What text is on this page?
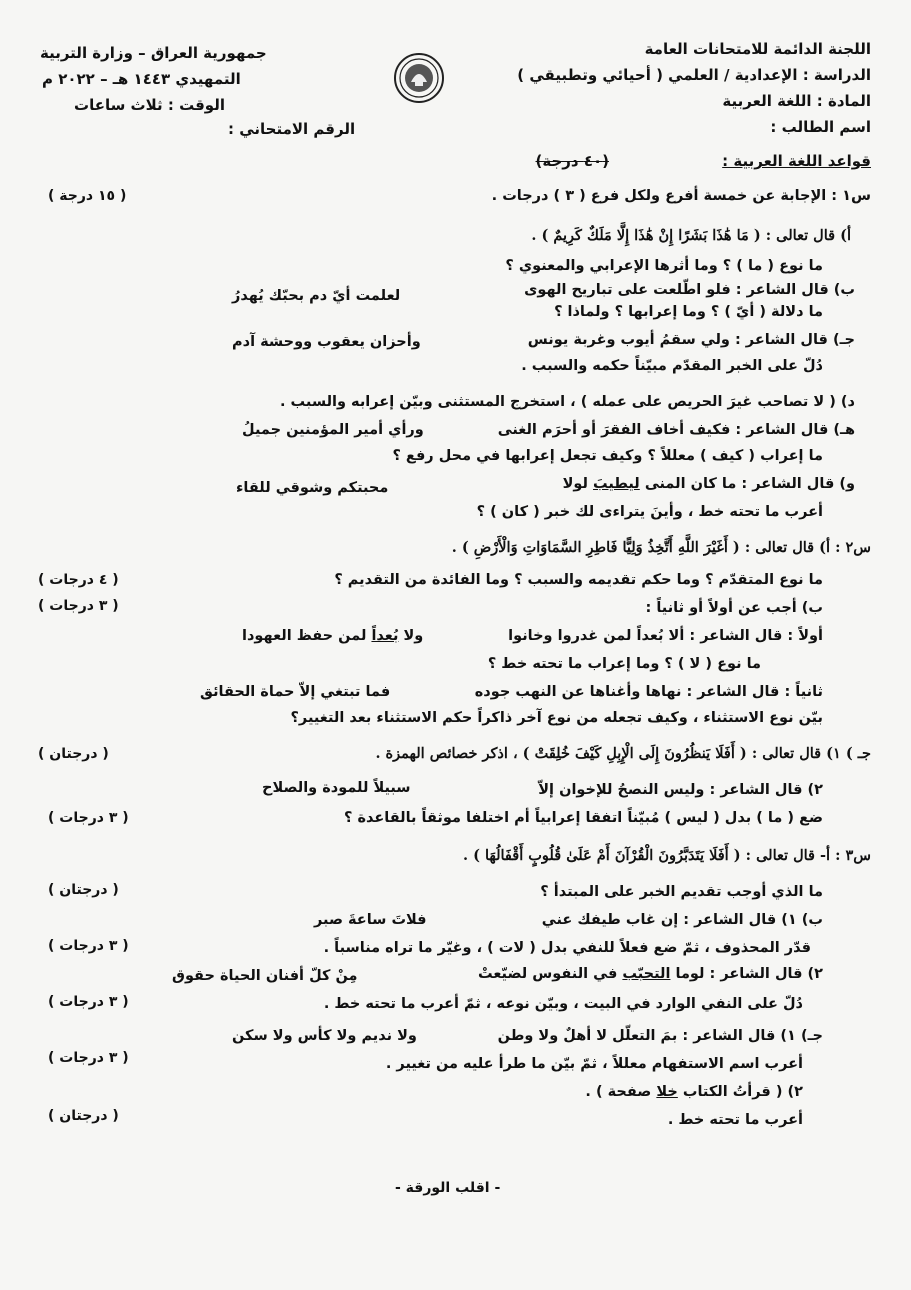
اللجنة الدائمة للامتحانات العامة
الدراسة : الإعدادية / العلمي ( أحيائي وتطبيقي )
المادة : اللغة العربية
اسم الطالب :
جمهورية العراق – وزارة التربية
التمهيدي ١٤٤٣ هـ – ٢٠٢٢ م
الوقت : ثلاث ساعات
الرقم الامتحاني :
قواعد اللغة العربية :
(٤٠ درجة)
س١ : الإجابة عن خمسة أفرع ولكل فرع ( ٣ ) درجات .
( ١٥ درجة )
أ) قال تعالى : ( مَا هَٰذَا بَشَرًا إِنْ هَٰذَا إِلَّا مَلَكٌ كَرِيمٌ ) .
ما نوع ( ما ) ؟ وما أثرها الإعرابي والمعنوي ؟
ب) قال الشاعر : فلو اطّلعت على تباريح الهوى
لعلمت أيّ دم بحبّك يُهدرُ
ما دلالة ( أيّ ) ؟ وما إعرابها ؟ ولماذا ؟
جـ) قال الشاعر : ولي سقمُ أيوب وغربة يونس
وأحزان يعقوب ووحشة آدم
دُلّ على الخبر المقدّم مبيّناً حكمه والسبب .
د) ( لا تصاحب غيرَ الحريص على عمله ) ، استخرج المستثنى وبيّن إعرابه والسبب .
هـ) قال الشاعر : فكيف أخاف الفقرَ أو أحرَم الغنى
ورأي أمير المؤمنين جميلُ
ما إعراب ( كيف ) معللاً ؟ وكيف تجعل إعرابها في محل رفع ؟
و) قال الشاعر : ما كان المنى ليطيبَ لولا
محبتكم وشوقي للقاء
أعرب ما تحته خط ، وأينَ يتراءى لك خبر ( كان ) ؟
س٢ : أ) قال تعالى : ( أَغَيْرَ اللَّهِ أَتَّخِذُ وَلِيًّا فَاطِرِ السَّمَاوَاتِ وَالْأَرْضِ ) .
ما نوع المتقدّم ؟ وما حكم تقديمه والسبب ؟ وما الفائدة من التقديم ؟
( ٤ درجات )
ب) أجب عن أولاً أو ثانياً :
( ٣ درجات )
أولاً : قال الشاعر : ألا بُعداً لمن غدروا وخانوا
ولا بُعداً لمن حفظ العهودا
ما نوع ( لا ) ؟ وما إعراب ما تحته خط ؟
ثانياً : قال الشاعر : نهاها وأغناها عن النهب جوده
فما تبتغي إلاّ حماة الحقائق
بيّن نوع الاستثناء ، وكيف تجعله من نوع آخر ذاكراً حكم الاستثناء بعد التغيير؟
جـ ) ١) قال تعالى : ( أَفَلَا يَنظُرُونَ إِلَى الْإِبِلِ كَيْفَ خُلِقَتْ ) ، اذكر خصائص الهمزة .
( درجتان )
٢) قال الشاعر : وليس النصحُ للإخوان إلاّ
سبيلاً للمودة والصلاح
ضع ( ما ) بدل ( ليس ) مُبيّناً اتفقا إعرابياً أم اختلفا موثقاً بالقاعدة ؟
( ٣ درجات )
س٣ : أ- قال تعالى : ( أَفَلَا يَتَدَبَّرُونَ الْقُرْآنَ أَمْ عَلَىٰ قُلُوبٍ أَقْفَالُهَا ) .
ما الذي أوجب تقديم الخبر على المبتدأ ؟
( درجتان )
ب) ١) قال الشاعر : إن غاب طيفك عني
فلاتَ ساعةَ صبر
قدّر المحذوف ، ثمّ ضع فعلاً للنفي بدل ( لات ) ، وغيّر ما تراه مناسباً .
( ٣ درجات )
٢) قال الشاعر : لوما التحبّب في النفوس لضيّعتْ
مِنْ كلّ أفنان الحياة حقوق
دُلّ على النفي الوارد في البيت ، وبيّن نوعه ، ثمّ أعرب ما تحته خط .
( ٣ درجات )
جـ) ١) قال الشاعر : بمَ التعلّل لا أهلٌ ولا وطن
ولا نديم ولا كأس ولا سكن
أعرب اسم الاستفهام معللاً ، ثمّ بيّن ما طرأ عليه من تغيير .
( ٣ درجات )
٢) ( قرأتُ الكتاب خلا صفحة ) .
أعرب ما تحته خط .
( درجتان )
- اقلب الورقة -
